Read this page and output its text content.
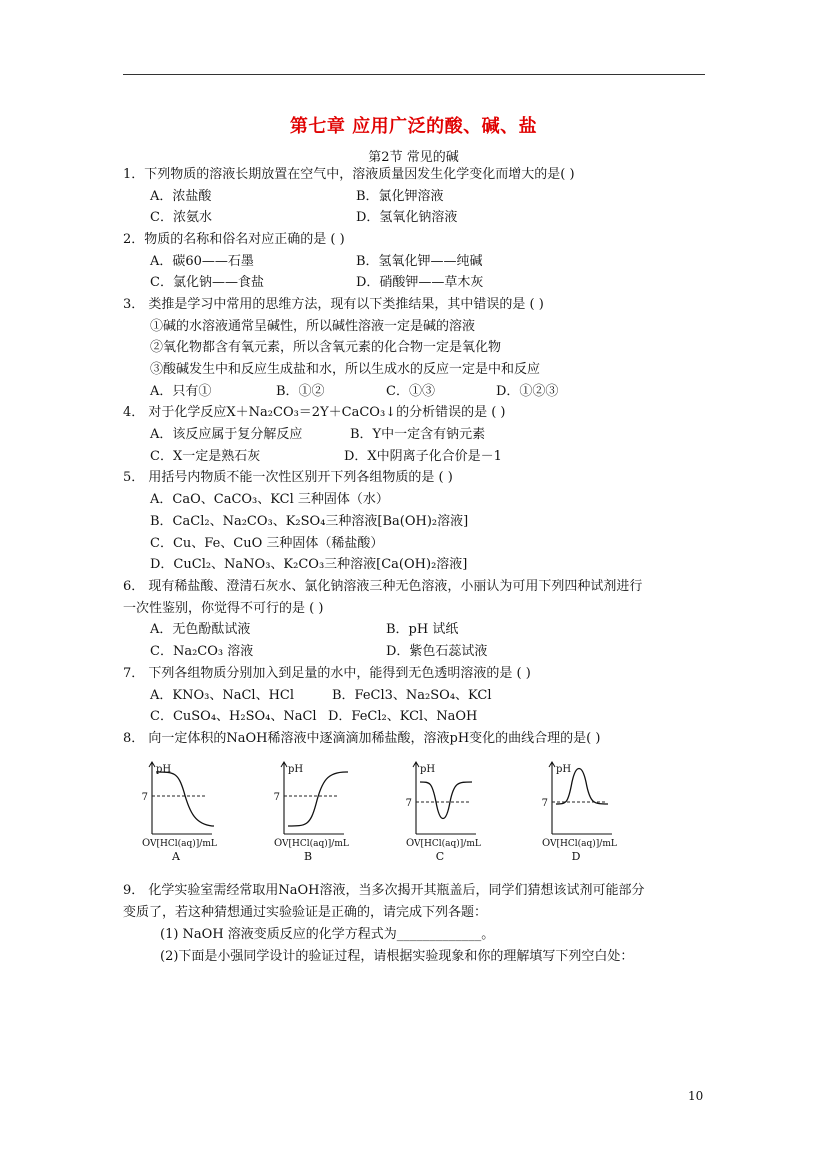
第七章 应用广泛的酸、碱、盐
第2节 常见的碱
1．下列物质的溶液长期放置在空气中，溶液质量因发生化学变化而增大的是( )
A．浓盐酸	B．氯化钾溶液
C．浓氨水	D．氢氧化钠溶液
2．物质的名称和俗名对应正确的是 ( )
A．碳60——石墨	B．氢氧化钾——纯碱
C．氯化钠——食盐	D．硝酸钾——草木灰
3． 类推是学习中常用的思维方法，现有以下类推结果，其中错误的是 ( )
①碱的水溶液通常呈碱性，所以碱性溶液一定是碱的溶液
②氧化物都含有氧元素，所以含氧元素的化合物一定是氧化物
③酸碱发生中和反应生成盐和水，所以生成水的反应一定是中和反应
A．只有①	B．①②	C．①③	D．①②③
4． 对于化学反应X＋Na₂CO₃＝2Y＋CaCO₃↓的分析错误的是 ( )
A．该反应属于复分解反应	B．Y中一定含有钠元素
C．X一定是熟石灰	D．X中阴离子化合价是－1
5． 用括号内物质不能一次性区别开下列各组物质的是 ( )
A．CaO、CaCO₃、KCl 三种固体（水）
B．CaCl₂、Na₂CO₃、K₂SO₄三种溶液[Ba(OH)₂溶液]
C．Cu、Fe、CuO 三种固体（稀盐酸）
D．CuCl₂、NaNO₃、K₂CO₃三种溶液[Ca(OH)₂溶液]
6． 现有稀盐酸、澄清石灰水、氯化钠溶液三种无色溶液，小丽认为可用下列四种试剂进行
一次性鉴别，你觉得不可行的是 ( )
A．无色酚酞试液	B．pH 试纸
C．Na₂CO₃ 溶液	D．紫色石蕊试液
7． 下列各组物质分别加入到足量的水中，能得到无色透明溶液的是 ( )
A．KNO₃、NaCl、HCl	B．FeCl3、Na₂SO₄、KCl
C．CuSO₄、H₂SO₄、NaCl D．FeCl₂、KCl、NaOH
8． 向一定体积的NaOH稀溶液中逐滴滴加稀盐酸，溶液pH变化的曲线合理的是( )
pH
7
O V[HCl(aq)]/mL
A
pH
7
O V[HCl(aq)]/mL
B
pH
7
O V[HCl(aq)]/mL
C
pH
7
O V[HCl(aq)]/mL
D
9． 化学实验室需经常取用NaOH溶液，当多次揭开其瓶盖后，同学们猜想该试剂可能部分
变质了，若这种猜想通过实验验证是正确的，请完成下列各题：
(1) NaOH 溶液变质反应的化学方程式为_____________。
(2)下面是小强同学设计的验证过程，请根据实验现象和你的理解填写下列空白处：
10
